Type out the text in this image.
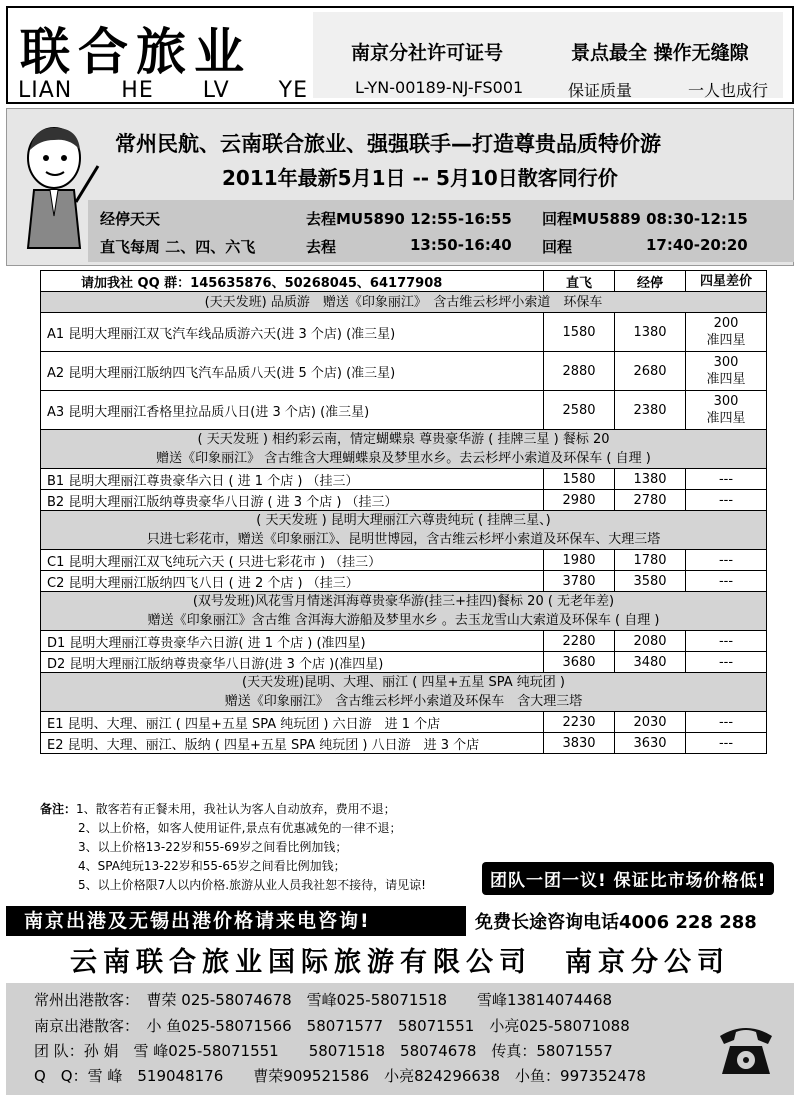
联合旅业
LIAN HE LV YE
南京分社许可证号	景点最全 操作无缝隙
L-YN-00189-NJ-FS001	保证质量	一人也成行
常州民航、云南联合旅业、强强联手—打造尊贵品质特价游
2011年最新5月1日 -- 5月10日散客同行价
经停天天	去程MU5890 12:55-16:55 回程MU5889 08:30-12:15
直飞每周 二、四、六飞	去程	13:50-16:40 回程	17:40-20:20
请加我社 QQ 群：145635876、50268045、64177908	直飞	经停	四星差价

(天天发班) 品质游　赠送《印象丽江》　含古维云杉坪小索道　环保车			

A1 昆明大理丽江双飞汽车线品质游六天(进 3 个店) (准三星)	1580	1380	200
准四星

A2 昆明大理丽江版纳四飞汽车品质八天(进 5 个店) (准三星)	2880	2680	300
准四星

A3 昆明大理丽江香格里拉品质八日(进 3 个店) (准三星)	2580	2380	300
准四星

( 天天发班 ) 相约彩云南，情定蝴蝶泉 尊贵豪华游 ( 挂牌三星 ) 餐标 20
赠送《印象丽江》 含古维含大理蝴蝶泉及梦里水乡。去云杉坪小索道及环保车 ( 自理 )			

B1 昆明大理丽江尊贵豪华六日 ( 进 1 个店 ) （挂三）	1580	1380	---

B2 昆明大理丽江版纳尊贵豪华八日游 ( 进 3 个店 ) （挂三）	2980	2780	---

( 天天发班 ) 昆明大理丽江六尊贵纯玩 ( 挂牌三星、)
只进七彩花市，赠送《印象丽江》、昆明世博园，含古维云杉坪小索道及环保车、大理三塔			

C1 昆明大理丽江双飞纯玩六天 ( 只进七彩花市 ) （挂三）	1980	1780	---

C2 昆明大理丽江版纳四飞八日 ( 进 2 个店 ) （挂三）	3780	3580	---

(双号发班)风花雪月情迷洱海尊贵豪华游(挂三+挂四)餐标 20 ( 无老年差)
赠送《印象丽江》含古维 含洱海大游船及梦里水乡 。去玉龙雪山大索道及环保车 ( 自理 )			

D1 昆明大理丽江尊贵豪华六日游( 进 1 个店 ) (准四星)	2280	2080	---

D2 昆明大理丽江版纳尊贵豪华八日游(进 3 个店 )(准四星)	3680	3480	---

(天天发班)昆明、大理、丽江 ( 四星+五星 SPA 纯玩团 )
赠送《印象丽江》　含古维云杉坪小索道及环保车　含大理三塔			

E1 昆明、大理、丽江 ( 四星+五星 SPA 纯玩团 ) 六日游　进 1 个店	2230	2030	---

E2 昆明、大理、丽江、版纳 ( 四星+五星 SPA 纯玩团 ) 八日游　进 3 个店	3830	3630	---
备注：1、散客若有正餐未用，我社认为客人自动放弃，费用不退；
2、以上价格，如客人使用证件,景点有优惠减免的一律不退；
3、以上价格13-22岁和55-69岁之间看比例加钱；
4、SPA纯玩13-22岁和55-65岁之间看比例加钱；
5、以上价格限7人以内价格.旅游从业人员我社恕不接待，请见谅!	团队一团一议! 保证比市场价格低!
南京出港及无锡出港价格请来电咨询!	免费长途咨询电话4006 228 288
云南联合旅业国际旅游有限公司　南京分公司
常州出港散客：　曹荣 025-58074678　雪峰025-58071518　　雪峰13814074468
南京出港散客：　小 鱼025-58071566　58071577　58071551　小亮025-58071088
团 队：孙 娟　雪 峰025-58071551　　58071518　58074678　传真：58071557
Q　Q：雪 峰　519048176　　曹荣909521586　小亮824296638　小鱼：997352478
